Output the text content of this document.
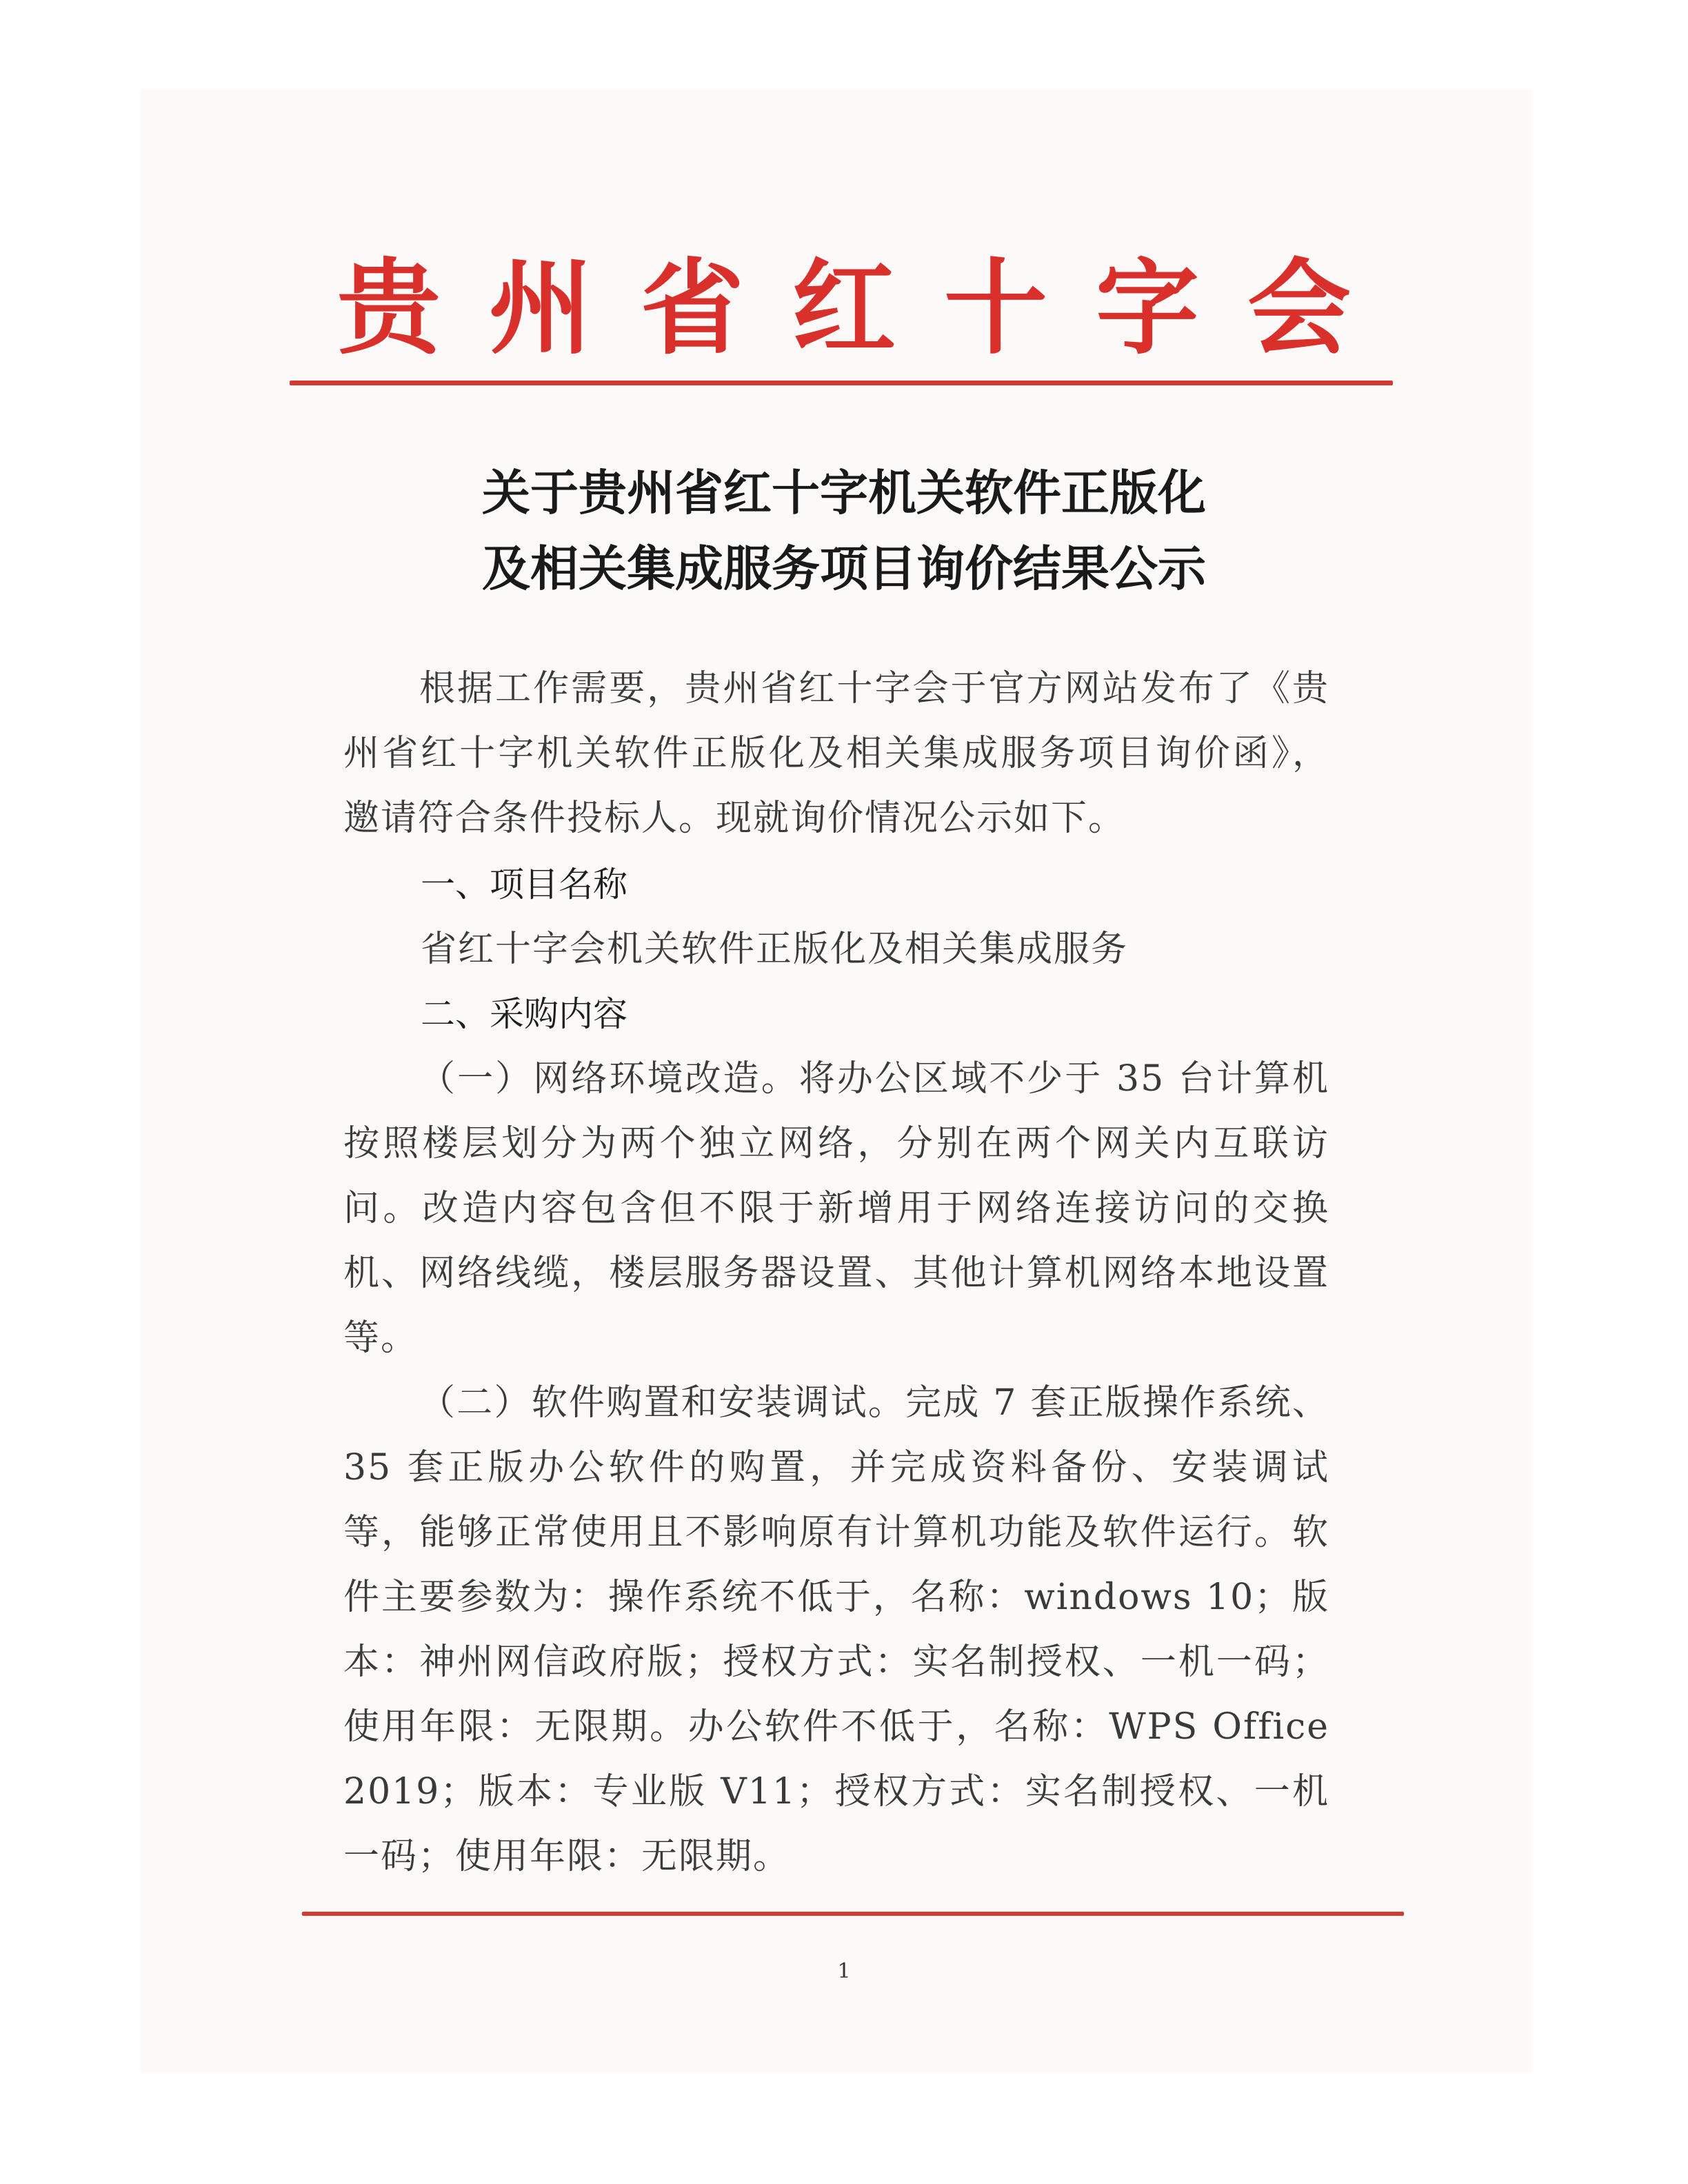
贵州省红十字会
关于贵州省红十字机关软件正版化
及相关集成服务项目询价结果公示

根据工作需要，贵州省红十字会于官方网站发布了《贵州省红十字机关软件正版化及相关集成服务项目询价函》，邀请符合条件投标人。现就询价情况公示如下。

一、项目名称

省红十字会机关软件正版化及相关集成服务

二、采购内容

（一）网络环境改造。将办公区域不少于 35 台计算机按照楼层划分为两个独立网络，分别在两个网关内互联访问。改造内容包含但不限于新增用于网络连接访问的交换机、网络线缆，楼层服务器设置、其他计算机网络本地设置等。

（二）软件购置和安装调试。完成 7 套正版操作系统、35 套正版办公软件的购置，并完成资料备份、安装调试等，能够正常使用且不影响原有计算机功能及软件运行。软件主要参数为：操作系统不低于，名称：windows 10；版本：神州网信政府版；授权方式：实名制授权、一机一码；使用年限：无限期。办公软件不低于，名称：WPS Office 2019；版本：专业版 V11；授权方式：实名制授权、一机一码；使用年限：无限期。

1
